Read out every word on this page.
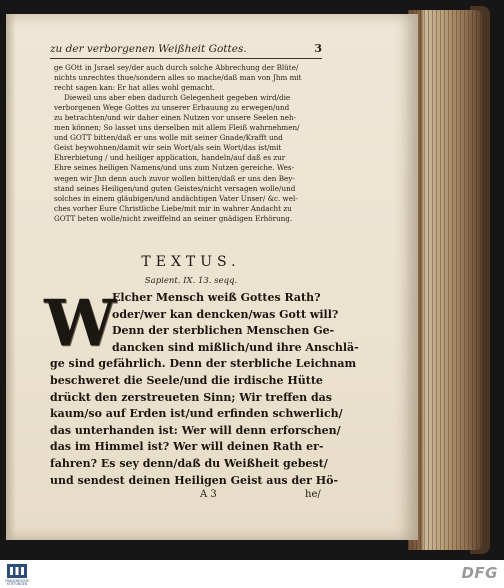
zu der verborgenen Weißheit Gottes.	3
ge GOtt in Jsrael sey/der auch durch solche Abbrechung der Blüte/
nichts unrechtes thue/sondern alles so mache/daß man von Jhm mit
recht sagen kan: Er hat alles wohl gemacht.
Dieweil uns aber eben dadurch Gelegenheit gegeben wird/die
verborgenen Wege Gottes zu unserer Erbauung zu erwegen/und
zu betrachten/und wir daher einen Nutzen vor unsere Seelen neh-
men können; So lasset uns derselben mit allem Fleiß wahrnehmen/
und GOTT bitten/daß er uns wolle mit seiner Gnade/Krafft und
Geist beywohnen/damit wir sein Wort/als sein Wort/das ist/mit
Ehrerbietung / und heiliger application, handeln/auf daß es zur
Ehre seines heiligen Namens/und uns zum Nutzen gereiche. Wes-
wegen wir Jhn denn auch zuvor wollen bitten/daß er uns den Bey-
stand seines Heiligen/und guten Geistes/nicht versagen wolle/und
solches in einem gläubigen/und andächtigen Vater Unser/ &c. wel-
ches vorher Eure Christliche Liebe/mit mir in wahrer Andacht zu
GOTT beten wolle/nicht zweiffelnd an seiner gnädigen Erhörung.
TEXTUS.
Sapient. IX. 13. seqq.
W
Elcher Mensch weiß Gottes Rath?
oder/wer kan dencken/was Gott will?
Denn der sterblichen Menschen Ge-
dancken sind mißlich/und ihre Anschlä-
ge sind gefährlich. Denn der sterbliche Leichnam
beschweret die Seele/und die irdische Hütte
drückt den zerstreueten Sinn; Wir treffen das
kaum/so auf Erden ist/und erfinden schwerlich/
das unterhanden ist: Wer will denn erforschen/
das im Himmel ist? Wer will deinen Rath er-
fahren? Es sey denn/daß du Weißheit gebest/
und sendest deinen Heiligen Geist aus der Hö-
A 3	he/
FRANCKESCHE STIFTUNGEN
DFG
